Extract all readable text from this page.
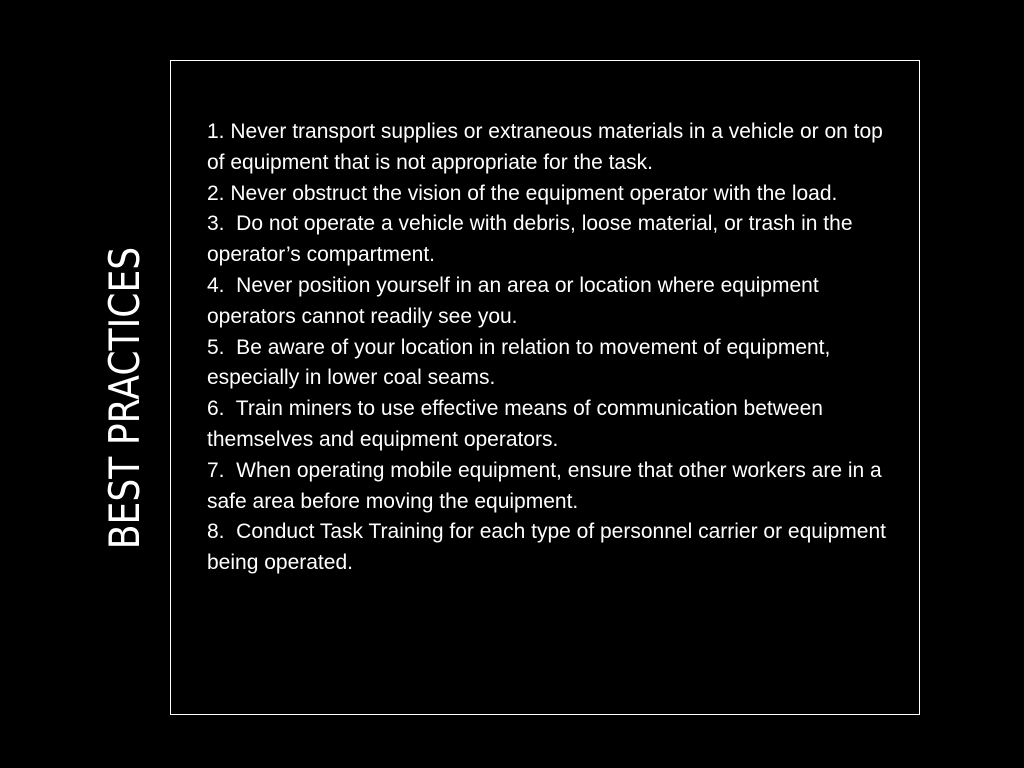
BEST PRACTICES
1. Never transport supplies or extraneous materials in a vehicle or on top of equipment that is not appropriate for the task.
2. Never obstruct the vision of the equipment operator with the load.
3.  Do not operate a vehicle with debris, loose material, or trash in the operator’s compartment.
4.  Never position yourself in an area or location where equipment operators cannot readily see you.
5.  Be aware of your location in relation to movement of equipment, especially in lower coal seams.
6.  Train miners to use effective means of communication between themselves and equipment operators.
7.  When operating mobile equipment, ensure that other workers are in a safe area before moving the equipment.
8.  Conduct Task Training for each type of personnel carrier or equipment being operated.
